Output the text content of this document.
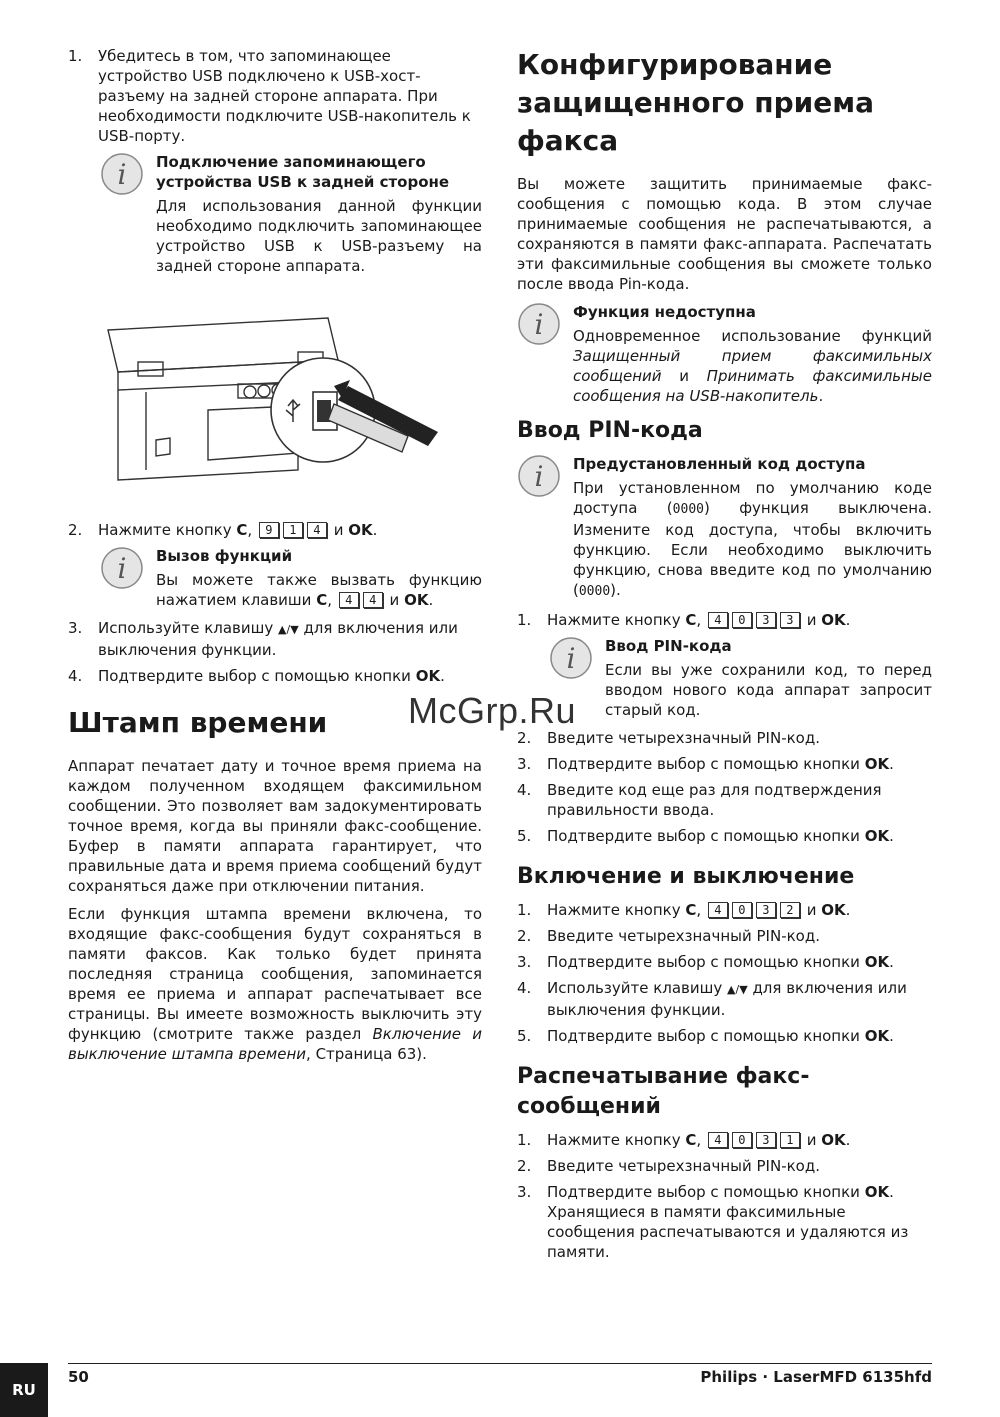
1.	Убедитесь в том, что запоминающее устройство USB подключено к USB-хост-разъему на задней стороне аппарата. При необходимости подключите USB-накопитель к USB-порту.
i Подключение запоминающего устройства USB к задней стороне
Для использования данной функции необходимо подключить запоминающее устройство USB к USB-разъему на задней стороне аппарата.
2.	Нажмите кнопку C, 9 1 4 и OK.
i Вызов функций
Вы можете также вызвать функцию нажатием клавиши C, 4 4 и OK.
3.	Используйте клавишу ▲/▼ для включения или выключения функции.
4.	Подтвердите выбор с помощью кнопки OK.
Штамп времени

Аппарат печатает дату и точное время приема на каждом полученном входящем факсимильном сообщении. Это позволяет вам задокументировать точное время, когда вы приняли факс-сообщение. Буфер в памяти аппарата гарантирует, что правильные дата и время приема сообщений будут сохраняться даже при отключении питания.

Если функция штампа времени включена, то входящие факс-сообщения будут сохраняться в памяти факсов. Как только будет принята последняя страница сообщения, запоминается время ее приема и аппарат распечатывает все страницы. Вы имеете возможность выключить эту функцию (смотрите также раздел Включение и выключение штампа времени, Страница 63).

Конфигурирование защищенного приема факса

Вы можете защитить принимаемые факс-сообщения с помощью кода. В этом случае принимаемые сообщения не распечатываются, а сохраняются в памяти факс-аппарата. Распечатать эти факсимильные сообщения вы сможете только после ввода Pin-кода.

i Функция недоступна
Одновременное использование функций Защищенный прием факсимильных сообщений и Принимать факсимильные сообщения на USB-накопитель.
Ввод PIN-кода
i Предустановленный код доступа
При установленном по умолчанию коде доступа (0000) функция выключена. Измените код доступа, чтобы включить функцию. Если необходимо выключить функцию, снова введите код по умолчанию (0000).
1.	Нажмите кнопку C, 4 0 3 3 и OK.
i Ввод PIN-кода
Если вы уже сохранили код, то перед вводом нового кода аппарат запросит старый код.
2.	Введите четырехзначный PIN-код.
3.	Подтвердите выбор с помощью кнопки OK.
4.	Введите код еще раз для подтверждения правильности ввода.
5.	Подтвердите выбор с помощью кнопки OK.
Включение и выключение
1.	Нажмите кнопку C, 4 0 3 2 и OK.
2.	Введите четырехзначный PIN-код.
3.	Подтвердите выбор с помощью кнопки OK.
4.	Используйте клавишу ▲/▼ для включения или выключения функции.
5.	Подтвердите выбор с помощью кнопки OK.
Распечатывание факс-сообщений
1.	Нажмите кнопку C, 4 0 3 1 и OK.
2.	Введите четырехзначный PIN-код.
3.	Подтвердите выбор с помощью кнопки OK. Хранящиеся в памяти факсимильные сообщения распечатываются и удаляются из памяти.
McGrp.Ru
RU
50	Philips · LaserMFD 6135hfd
